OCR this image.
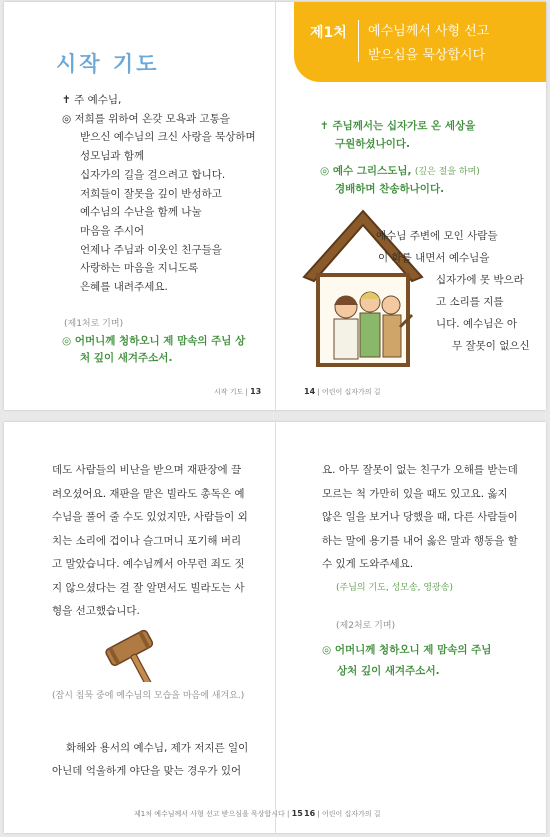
시작 기도
✝ 주 예수님,
◎ 저희를 위하여 온갖 모욕과 고통을
받으신 예수님의 크신 사랑을 묵상하며
성모님과 함께
십자가의 길을 걸으려고 합니다.
저희들이 잘못을 깊이 반성하고
예수님의 수난을 함께 나눌
마음을 주시어
언제나 주님과 이웃인 친구들을
사랑하는 마음을 지니도록
은혜를 내려주세요.
(제1처로 기며)
◎ 어머니께 청하오니 제 맘속의 주님 상
처 깊이 새겨주소서.
시작 기도 | 13
제1처 예수님께서 사형 선고
받으심을 묵상합시다
✝ 주님께서는 십자가로 온 세상을
구원하셨나이다.
◎ 예수 그리스도님, (깊은 절을 하며)
경배하며 찬송하나이다.
예수님 주변에 모인 사람들
이 화를 내면서 예수님을
십자가에 못 박으라
고 소리를 지를
니다. 예수님은 아
무 잘못이 없으신
14 | 어린이 십자가의 길
데도 사람들의 비난을 받으며 재판장에 끌
려오셨어요. 재판을 맡은 빌라도 총독은 예
수님을 풀어 줄 수도 있었지만, 사람들이 외
치는 소리에 겁이나 슬그머니 포기해 버리
고 말았습니다. 예수님께서 아무런 죄도 짓
지 않으셨다는 걸 잘 알면서도 빌라도는 사
형을 선고했습니다.
(잠시 침묵 중에 예수님의 모습을 마음에 새겨요.)
화해와 용서의 예수님, 제가 저지른 일이
아닌데 억울하게 야단을 맞는 경우가 있어
제1처 예수님께서 사형 선고 받으심을 묵상합시다 | 15
요. 아무 잘못이 없는 친구가 오해를 받는데
모르는 척 가만히 있을 때도 있고요. 옳지
않은 일을 보거나 당했을 때, 다른 사람들이
하는 말에 용기를 내어 옳은 말과 행동을 할
수 있게 도와주세요.
(주님의 기도, 성모송, 영광송)
(제2처로 기며)
◎ 어머니께 청하오니 제 맘속의 주님
상처 깊이 새겨주소서.
16 | 어린이 십자가의 길
